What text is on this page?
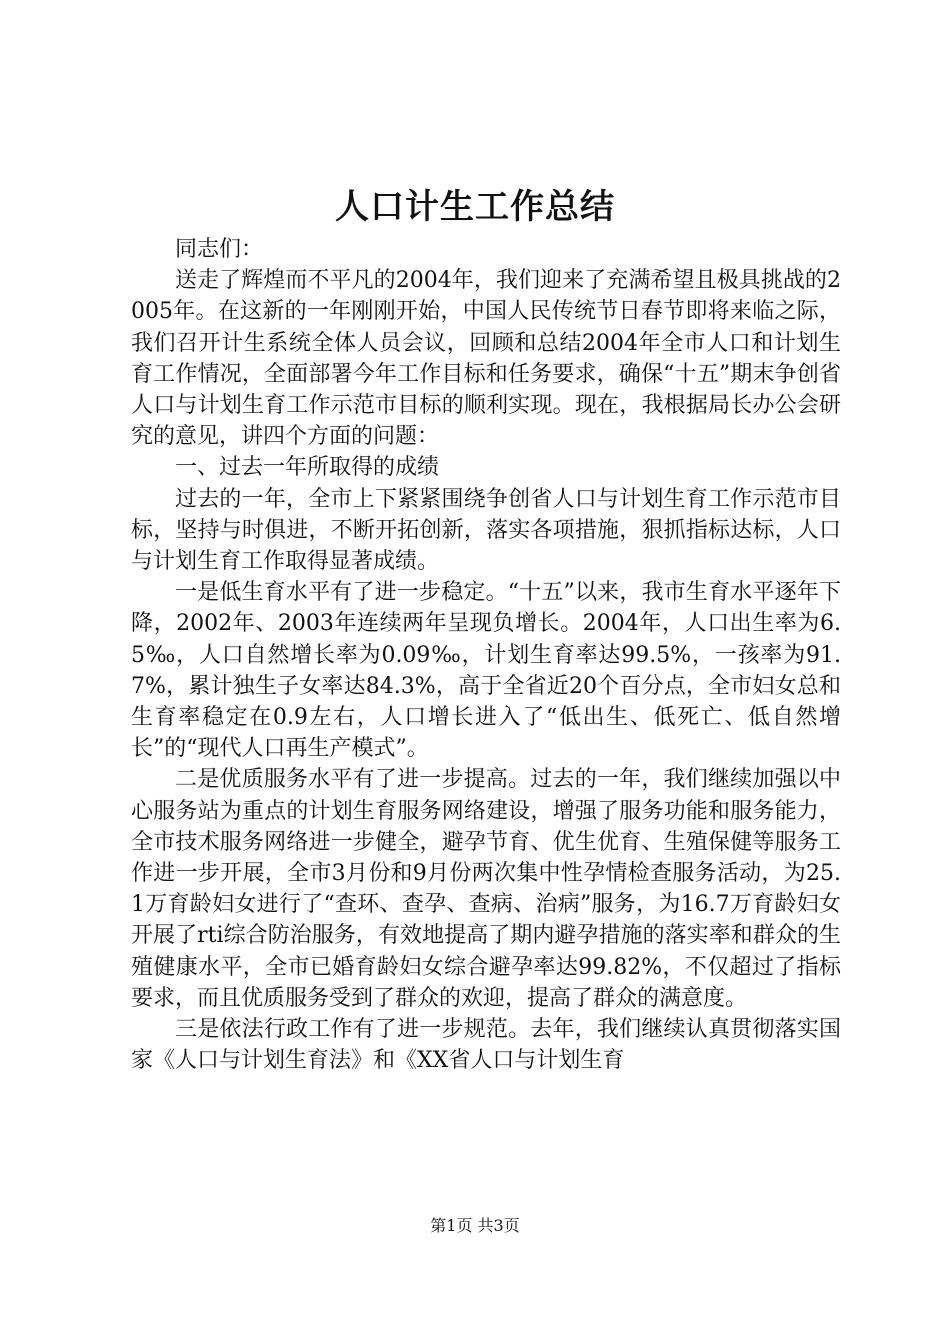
人口计生工作总结

同志们：

送走了辉煌而不平凡的2004年，我们迎来了充满希望且极具挑战的2005年。在这新的一年刚刚开始，中国人民传统节日春节即将来临之际，我们召开计生系统全体人员会议，回顾和总结2004年全市人口和计划生育工作情况，全面部署今年工作目标和任务要求，确保“十五”期末争创省人口与计划生育工作示范市目标的顺利实现。现在，我根据局长办公会研究的意见，讲四个方面的问题：

一、过去一年所取得的成绩

过去的一年，全市上下紧紧围绕争创省人口与计划生育工作示范市目标，坚持与时俱进，不断开拓创新，落实各项措施，狠抓指标达标，人口与计划生育工作取得显著成绩。

一是低生育水平有了进一步稳定。“十五”以来，我市生育水平逐年下降，2002年、2003年连续两年呈现负增长。2004年，人口出生率为6.5‰，人口自然增长率为0.09‰，计划生育率达99.5%，一孩率为91.7%，累计独生子女率达84.3%，高于全省近20个百分点，全市妇女总和生育率稳定在0.9左右，人口增长进入了“低出生、低死亡、低自然增长”的“现代人口再生产模式”。

二是优质服务水平有了进一步提高。过去的一年，我们继续加强以中心服务站为重点的计划生育服务网络建设，增强了服务功能和服务能力，全市技术服务网络进一步健全，避孕节育、优生优育、生殖保健等服务工作进一步开展，全市3月份和9月份两次集中性孕情检查服务活动，为25.1万育龄妇女进行了“查环、查孕、查病、治病”服务，为16.7万育龄妇女开展了rti综合防治服务，有效地提高了期内避孕措施的落实率和群众的生殖健康水平，全市已婚育龄妇女综合避孕率达99.82%，不仅超过了指标要求，而且优质服务受到了群众的欢迎，提高了群众的满意度。

三是依法行政工作有了进一步规范。去年，我们继续认真贯彻落实国家《人口与计划生育法》和《XX省人口与计划生育

第1页 共3页
